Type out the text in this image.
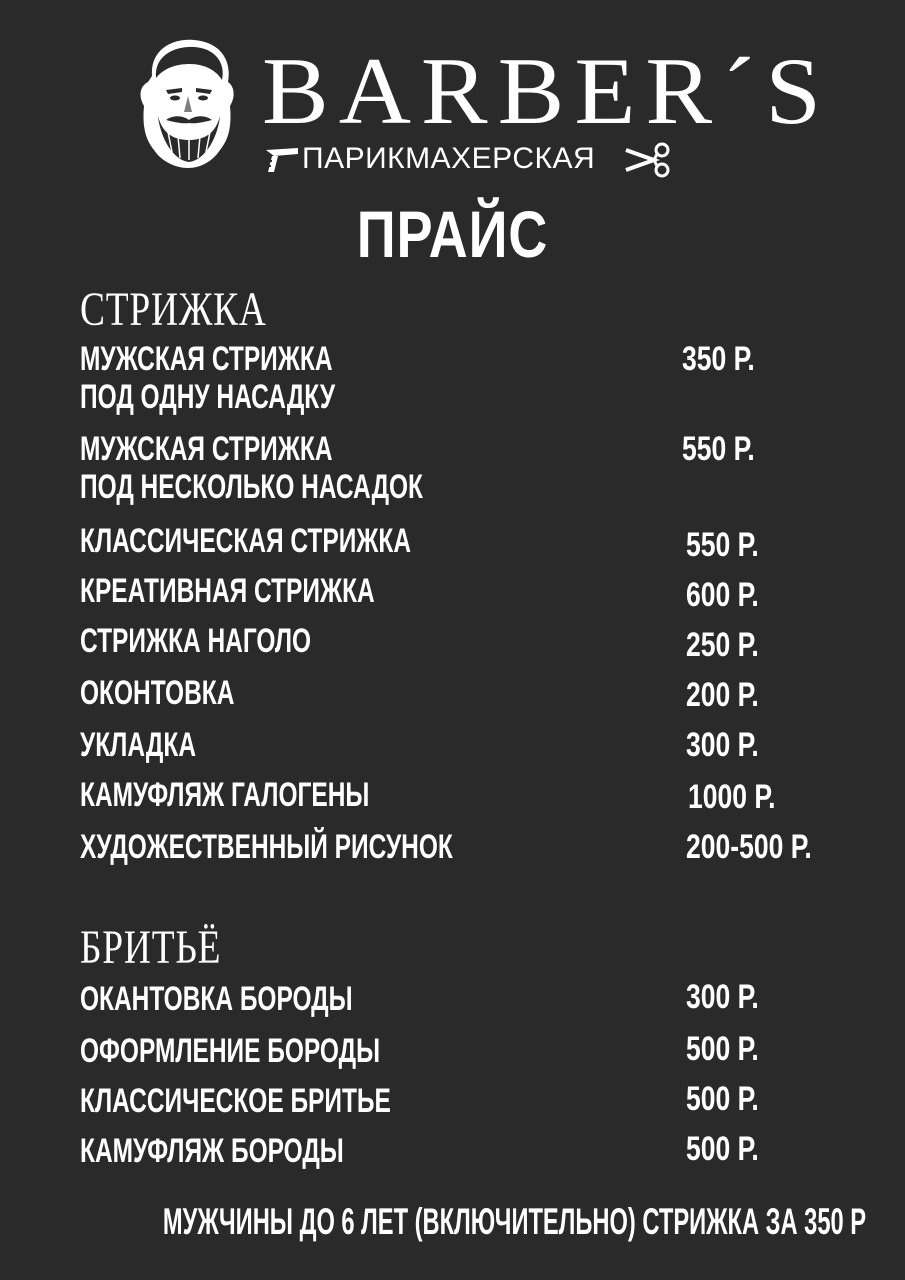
BARBER´S
ПАРИКМАХЕРСКАЯ
ПРАЙС
СТРИЖКА
МУЖСКАЯ СТРИЖКА
ПОД ОДНУ НАСАДКУ
350 Р.
МУЖСКАЯ СТРИЖКА
ПОД НЕСКОЛЬКО НАСАДОК
550 Р.
КЛАССИЧЕСКАЯ СТРИЖКА	550 Р.
КРЕАТИВНАЯ СТРИЖКА	600 Р.
СТРИЖКА НАГОЛО	250 Р.
ОКОНТОВКА	200 Р.
УКЛАДКА	300 Р.
КАМУФЛЯЖ ГАЛОГЕНЫ	1000 Р.
ХУДОЖЕСТВЕННЫЙ РИСУНОК	200-500 Р.
БРИТЬЁ
ОКАНТОВКА БОРОДЫ	300 Р.
ОФОРМЛЕНИЕ БОРОДЫ	500 Р.
КЛАССИЧЕСКОЕ БРИТЬЕ	500 Р.
КАМУФЛЯЖ БОРОДЫ	500 Р.
МУЖЧИНЫ ДО 6 ЛЕТ (ВКЛЮЧИТЕЛЬНО) СТРИЖКА ЗА 350 Р
